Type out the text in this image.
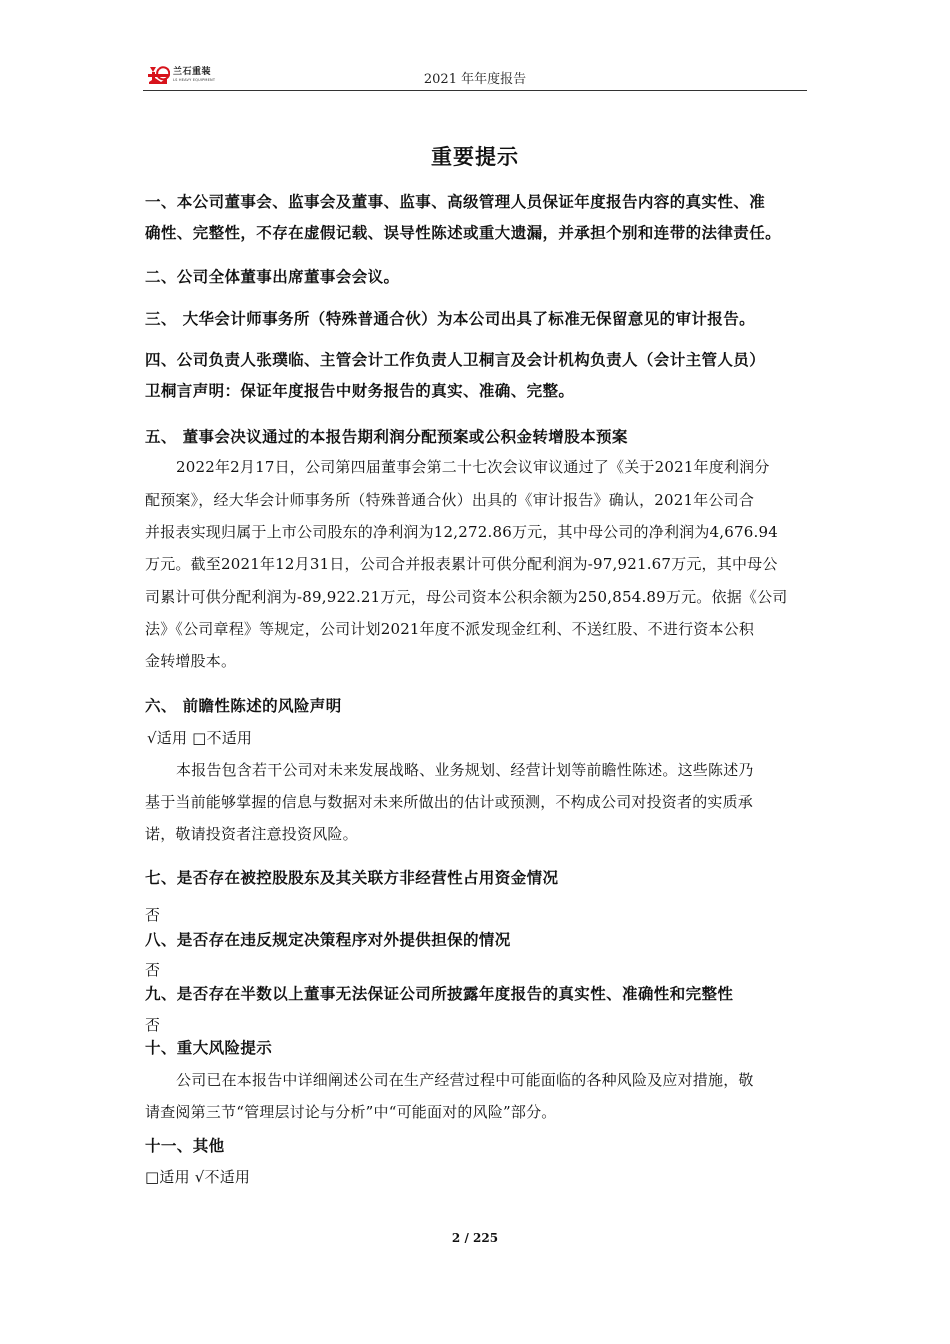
兰石重装
LS HEAVY EQUIPMENT	2021 年年度报告
重要提示
一、本公司董事会、监事会及董事、监事、高级管理人员保证年度报告内容的真实性、准
确性、完整性，不存在虚假记载、误导性陈述或重大遗漏，并承担个别和连带的法律责任。
二、公司全体董事出席董事会会议。
三、 大华会计师事务所（特殊普通合伙）为本公司出具了标准无保留意见的审计报告。
四、公司负责人张璞临、主管会计工作负责人卫桐言及会计机构负责人（会计主管人员）
卫桐言声明：保证年度报告中财务报告的真实、准确、完整。
五、 董事会决议通过的本报告期利润分配预案或公积金转增股本预案
2022年2月17日，公司第四届董事会第二十七次会议审议通过了《关于2021年度利润分
配预案》，经大华会计师事务所（特殊普通合伙）出具的《审计报告》确认，2021年公司合
并报表实现归属于上市公司股东的净利润为12,272.86万元，其中母公司的净利润为4,676.94
万元。截至2021年12月31日，公司合并报表累计可供分配利润为-97,921.67万元，其中母公
司累计可供分配利润为-89,922.21万元，母公司资本公积余额为250,854.89万元。依据《公司
法》《公司章程》等规定，公司计划2021年度不派发现金红利、不送红股、不进行资本公积
金转增股本。
六、 前瞻性陈述的风险声明
√适用 □不适用
本报告包含若干公司对未来发展战略、业务规划、经营计划等前瞻性陈述。这些陈述乃
基于当前能够掌握的信息与数据对未来所做出的估计或预测，不构成公司对投资者的实质承
诺，敬请投资者注意投资风险。
七、是否存在被控股股东及其关联方非经营性占用资金情况
否
八、是否存在违反规定决策程序对外提供担保的情况
否
九、是否存在半数以上董事无法保证公司所披露年度报告的真实性、准确性和完整性
否
十、重大风险提示
公司已在本报告中详细阐述公司在生产经营过程中可能面临的各种风险及应对措施，敬
请查阅第三节“管理层讨论与分析”中“可能面对的风险”部分。
十一、其他
□适用 √不适用
2 / 225
